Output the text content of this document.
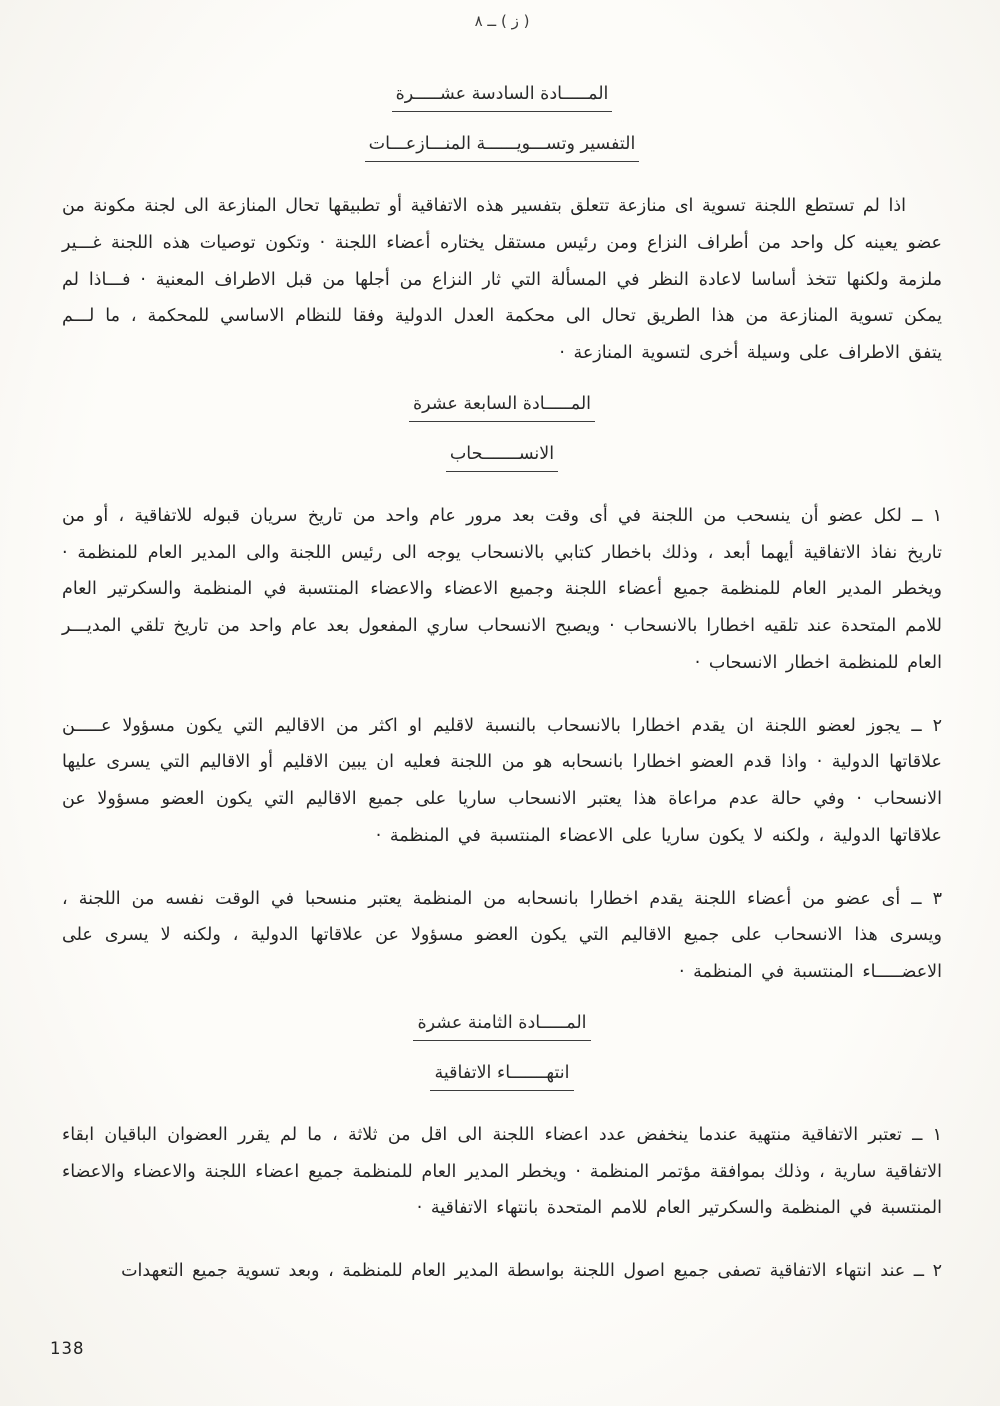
( ز ) ــ ٨
المـــــادة السادسة عشـــــرة
التفسير وتســـويــــــة المنـــازعـــات

اذا لم تستطع اللجنة تسوية اى منازعة تتعلق بتفسير هذه الاتفاقية أو تطبيقها تحال المنازعة الى لجنة مكونة من عضو يعينه كل واحد من أطراف النزاع ومن رئيس مستقل يختاره أعضاء اللجنة · وتكون توصيات هذه اللجنة غـــير ملزمة ولكنها تتخذ أساسا لاعادة النظر في المسألة التي ثار النزاع من أجلها من قبل الاطراف المعنية · فـــاذا لم يمكن تسوية المنازعة من هذا الطريق تحال الى محكمة العدل الدولية وفقا للنظام الاساسي للمحكمة ، ما لـــم يتفق الاطراف على وسيلة أخرى لتسوية المنازعة ·

المـــــادة السابعة عشرة
الانســـــــحاب

١ ــ لكل عضو أن ينسحب من اللجنة في أى وقت بعد مرور عام واحد من تاريخ سريان قبوله للاتفاقية ، أو من تاريخ نفاذ الاتفاقية أيهما أبعد ، وذلك باخطار كتابي بالانسحاب يوجه الى رئيس اللجنة والى المدير العام للمنظمة · ويخطر المدير العام للمنظمة جميع أعضاء اللجنة وجميع الاعضاء والاعضاء المنتسبة في المنظمة والسكرتير العام للامم المتحدة عند تلقيه اخطارا بالانسحاب · ويصبح الانسحاب ساري المفعول بعد عام واحد من تاريخ تلقي المديـــر العام للمنظمة اخطار الانسحاب ·

٢ ــ يجوز لعضو اللجنة ان يقدم اخطارا بالانسحاب بالنسبة لاقليم او اكثر من الاقاليم التي يكون مسؤولا عـــــن علاقاتها الدولية · واذا قدم العضو اخطارا بانسحابه هو من اللجنة فعليه ان يبين الاقليم أو الاقاليم التي يسرى عليها الانسحاب · وفي حالة عدم مراعاة هذا يعتبر الانسحاب ساريا على جميع الاقاليم التي يكون العضو مسؤولا عن علاقاتها الدولية ، ولكنه لا يكون ساريا على الاعضاء المنتسبة في المنظمة ·

٣ ــ أى عضو من أعضاء اللجنة يقدم اخطارا بانسحابه من المنظمة يعتبر منسحبا في الوقت نفسه من اللجنة ، ويسرى هذا الانسحاب على جميع الاقاليم التي يكون العضو مسؤولا عن علاقاتها الدولية ، ولكنه لا يسرى على الاعضـــــاء المنتسبة في المنظمة ·

المـــــادة الثامنة عشرة
انتهـــــــاء الاتفاقية

١ ــ تعتبر الاتفاقية منتهية عندما ينخفض عدد اعضاء اللجنة الى اقل من ثلاثة ، ما لم يقرر العضوان الباقيان ابقاء الاتفاقية سارية ، وذلك بموافقة مؤتمر المنظمة · ويخطر المدير العام للمنظمة جميع اعضاء اللجنة والاعضاء والاعضاء المنتسبة في المنظمة والسكرتير العام للامم المتحدة بانتهاء الاتفاقية ·

٢ ــ عند انتهاء الاتفاقية تصفى جميع اصول اللجنة بواسطة المدير العام للمنظمة ، وبعد تسوية جميع التعهدات

138
